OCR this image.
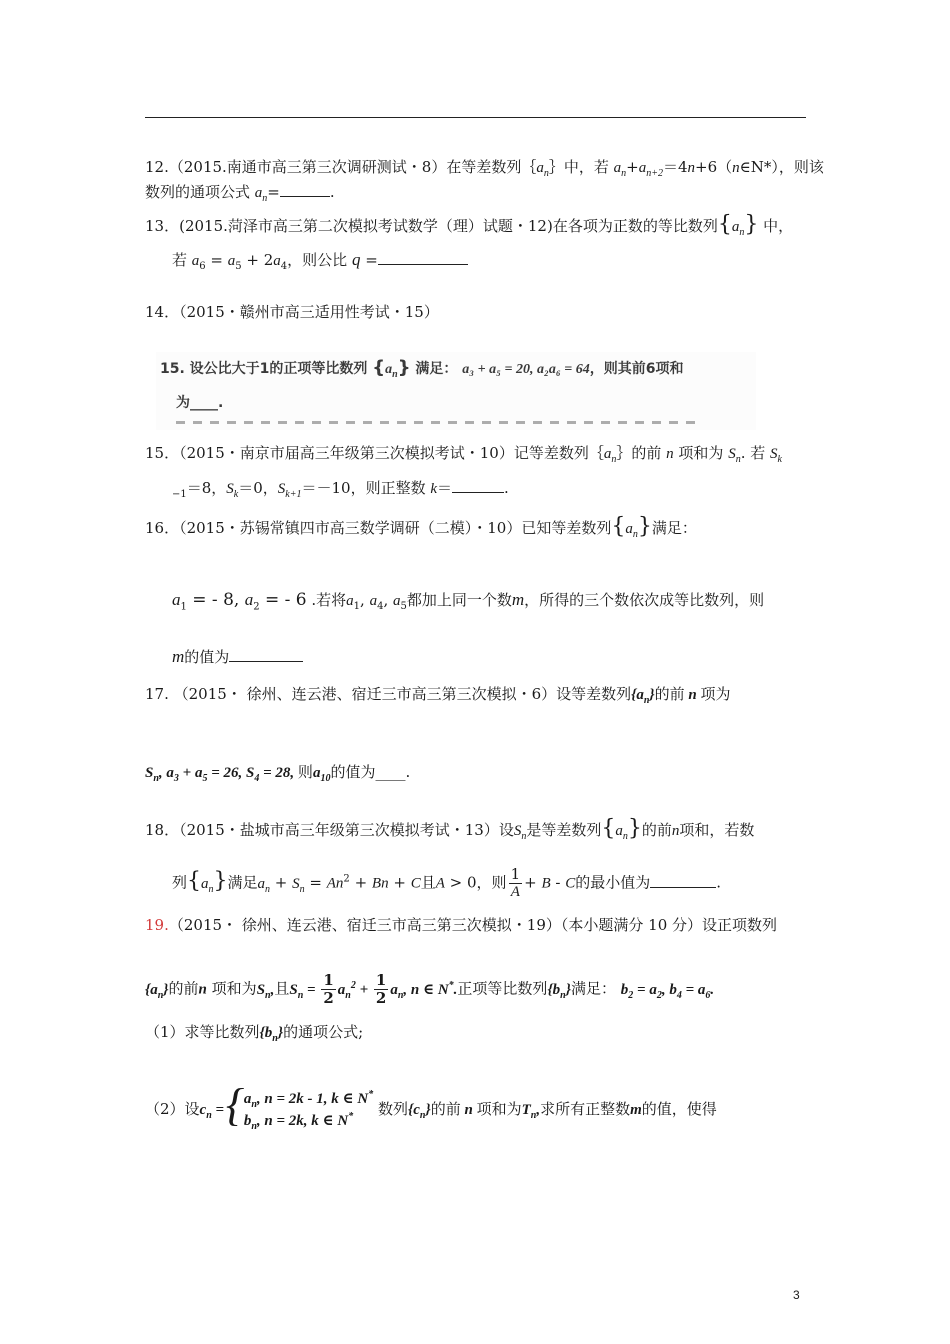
12.（2015.南通市高三第三次调研测试・8）在等差数列$\{a_n\}$中，若 $a_n+a_{n+2}=4n+6(n\in N*)$，则该
数列的通项公式 $a_n=$	.
13．(2015.菏泽市高三第二次模拟考试数学（理）试题・12)在各项为正数的等比数列$\{a_n\}$ 中，
若 $a_6 = a_5 + 2a_4$，则公比 q =
14．（2015・赣州市高三适用性考试・15）
15. 设公比大于1的正项等比数列 $\{a_n\}$ 满足： a₃ + a₅ = 20, a₂a₆ = 64，则其前6项和
为____.
15．（2015・南京市届高三年级第三次模拟考试・10）记等差数列$\{a_n\}$的前 n 项和为 $S_n$. 若 $S_k$
$_{-1}$＝8，$S_k=0$，$S_{k+1}=-10$，则正整数 k＝	.
16．（2015・苏锡常镇四市高三数学调研（二模）・10）已知等差数列$\{a_n\}$满足：
$a_1$ = - 8, $a_2$ = - 6 .若将$a_1$, $a_4$, $a_5$都加上同一个数m，所得的三个数依次成等比数列，则
m的值为
17. （2015・ 徐州、连云港、宿迁三市高三第三次模拟・6）设等差数列$\{a_n\}$的前 n 项为
$S_n$, $a_3 + a_5 = 26$, $S_4 = 28$, 则$a_{10}$的值为____.
18．（2015・盐城市高三年级第三次模拟考试・13）设$S_n$是等差数列$\{a_n\}$的前n项和，若数
列$\{a_n\}$满足$a_n + S_n = An^2 + Bn + C$且A > 0，则 $\frac{1}{A} + B - C$的最小值为	.
19.（2015・ 徐州、连云港、宿迁三市高三第三次模拟・19）（本小题满分 10 分）设正项数列
$\{a_n\}$的前n 项和为$S_n$,且$S_n = \frac{1}{2} a_n^2 + \frac{1}{2} a_n$, n ∈ N*.正项等比数列$\{b_n\}$满足： $b_2 = a_2$, $b_4 = a_6$.
（1）求等比数列$\{b_n\}$的通项公式;
（2）设$c_n$ =
{ $a_n$, n = 2k - 1, k ∈ N*
$b_n$, n = 2k, k ∈ N*	数列$\{c_n\}$的前 n 项和为$T_n$,求所有正整数m的值，使得
3
